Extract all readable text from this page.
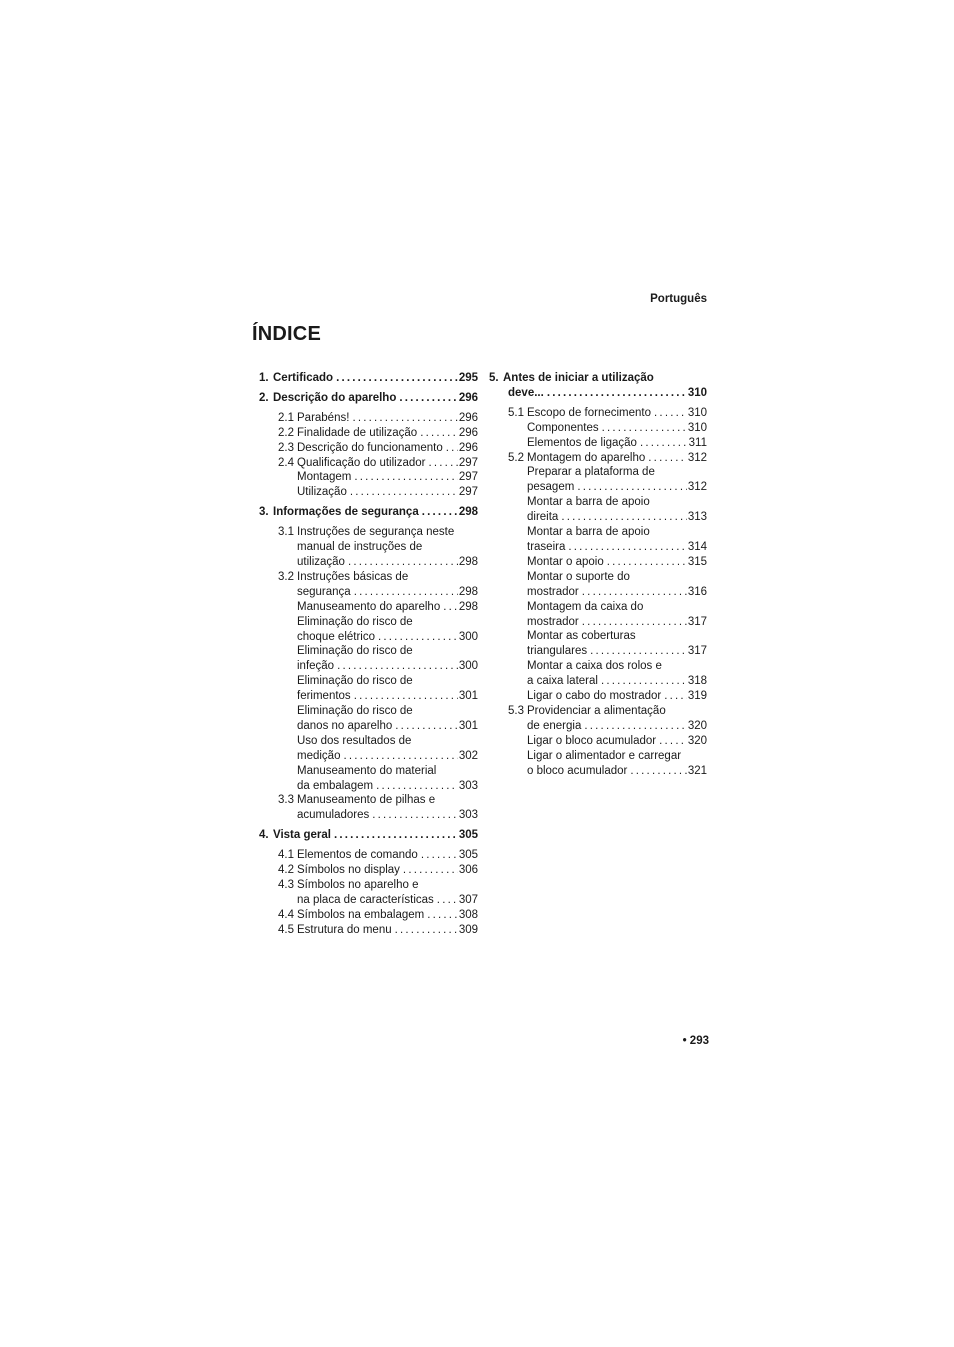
Português
ÍNDICE
1. Certificado .....	295
2. Descrição do aparelho .....	296
2.1 Parabéns! .....	296
2.2 Finalidade de utilização .....	296
2.3 Descrição do funcionamento ..... 296
2.4 Qualificação do utilizador .....	297
Montagem .....	297
Utilização .....	297
3. Informações de segurança .....	298
3.1 Instruções de segurança neste
manual de instruções de
utilização .....	298
3.2 Instruções básicas de
segurança .....	298
Manuseamento do aparelho ..... 298
Eliminação do risco de
choque elétrico .....	300
Eliminação do risco de
infeção .....	300
Eliminação do risco de
ferimentos .....	301
Eliminação do risco de
danos no aparelho .....	301
Uso dos resultados de
medição .....	302
Manuseamento do material
da embalagem .....	303
3.3 Manuseamento de pilhas e
acumuladores .....	303
4. Vista geral .....	305
4.1 Elementos de comando .....	305
4.2 Símbolos no display .....	306
4.3 Símbolos no aparelho e
na placa de características ..... 307
4.4 Símbolos na embalagem .....	308
4.5 Estrutura do menu .....	309
5. Antes de iniciar a utilização
deve... .....	310
5.1 Escopo de fornecimento .....	310
Componentes .....	310
Elementos de ligação .....	311
5.2 Montagem do aparelho .....	312
Preparar a plataforma de
pesagem .....	312
Montar a barra de apoio
direita .....	313
Montar a barra de apoio
traseira .....	314
Montar o apoio .....	315
Montar o suporte do
mostrador .....	316
Montagem da caixa do
mostrador .....	317
Montar as coberturas
triangulares .....	317
Montar a caixa dos rolos e
a caixa lateral .....	318
Ligar o cabo do mostrador ..... 319
5.3 Providenciar a alimentação
de energia .....	320
Ligar o bloco acumulador .....	320
Ligar o alimentador e carregar
o bloco acumulador .....	321
• 293
